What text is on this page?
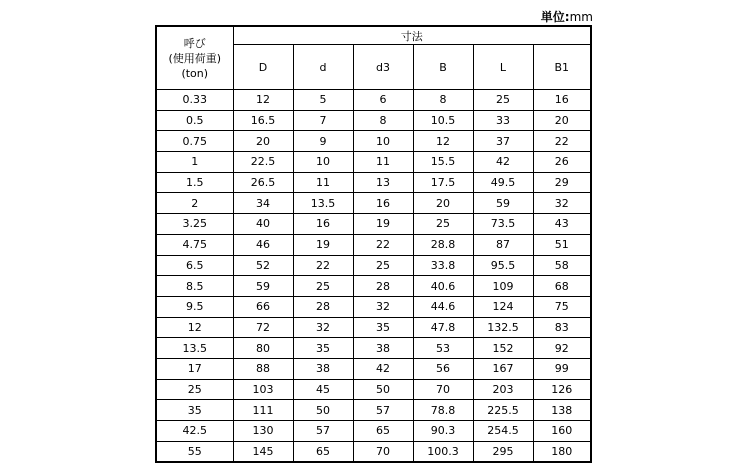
単位:mm
呼び
(使用荷重)
(ton)	寸法					
	D	d	d3	B	L	B1
0.33	12	5	6	8	25	16
0.5	16.5	7	8	10.5	33	20
0.75	20	9	10	12	37	22
1	22.5	10	11	15.5	42	26
1.5	26.5	11	13	17.5	49.5	29
2	34	13.5	16	20	59	32
3.25	40	16	19	25	73.5	43
4.75	46	19	22	28.8	87	51
6.5	52	22	25	33.8	95.5	58
8.5	59	25	28	40.6	109	68
9.5	66	28	32	44.6	124	75
12	72	32	35	47.8	132.5	83
13.5	80	35	38	53	152	92
17	88	38	42	56	167	99
25	103	45	50	70	203	126
35	111	50	57	78.8	225.5	138
42.5	130	57	65	90.3	254.5	160
55	145	65	70	100.3	295	180
